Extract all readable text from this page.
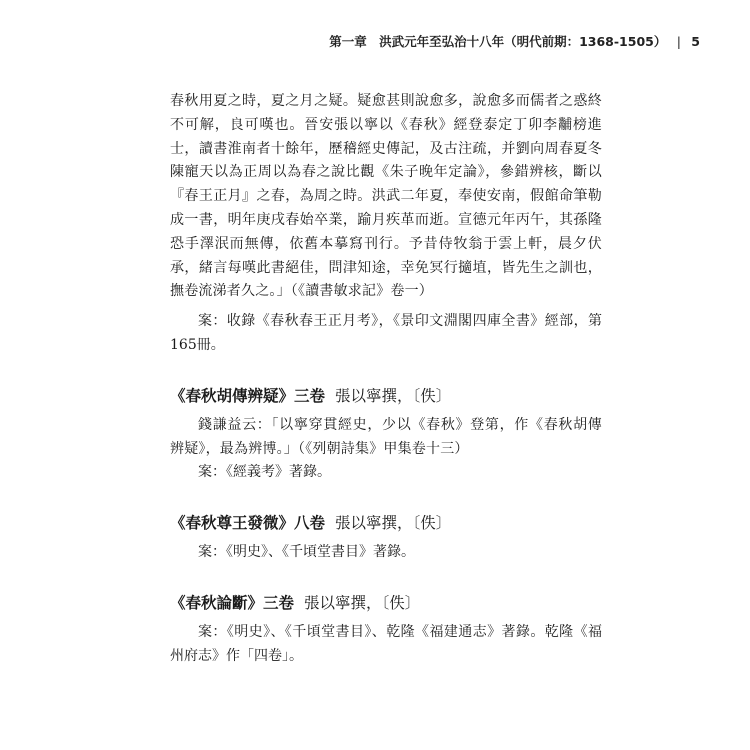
第一章 洪武元年至弘治十八年（明代前期：1368-1505） | 5

春秋用夏之時，夏之月之疑。疑愈甚則說愈多，說愈多而儒者之惑終不可解，良可嘆也。晉安張以寧以《春秋》經登泰定丁卯李黼榜進士，讀書淮南者十餘年，歷稽經史傳記，及古注疏，并劉向周春夏冬陳寵天以為正周以為春之說比觀《朱子晚年定論》，參錯辨核，斷以『春王正月』之春，為周之時。洪武二年夏，奉使安南，假館命筆勒成一書，明年庚戌春始卒業，踰月疾革而逝。宣德元年丙午，其孫隆恐手澤泯而無傳，依舊本摹寫刊行。予昔侍牧翁于雲上軒，晨夕伏承，緒言每嘆此書絕佳，問津知途，幸免冥行擿埴，皆先生之訓也，撫卷流涕者久之。」（《讀書敏求記》卷一）

案：收錄《春秋春王正月考》，《景印文淵閣四庫全書》經部，第165冊。

《春秋胡傳辨疑》三卷 張以寧撰，〔佚〕

錢謙益云：「以寧穿貫經史，少以《春秋》登第，作《春秋胡傳辨疑》，最為辨博。」（《列朝詩集》甲集卷十三）

案：《經義考》著錄。

《春秋尊王發微》八卷 張以寧撰，〔佚〕

案：《明史》、《千頃堂書目》著錄。

《春秋論斷》三卷 張以寧撰，〔佚〕

案：《明史》、《千頃堂書目》、乾隆《福建通志》著錄。乾隆《福州府志》作「四卷」。
